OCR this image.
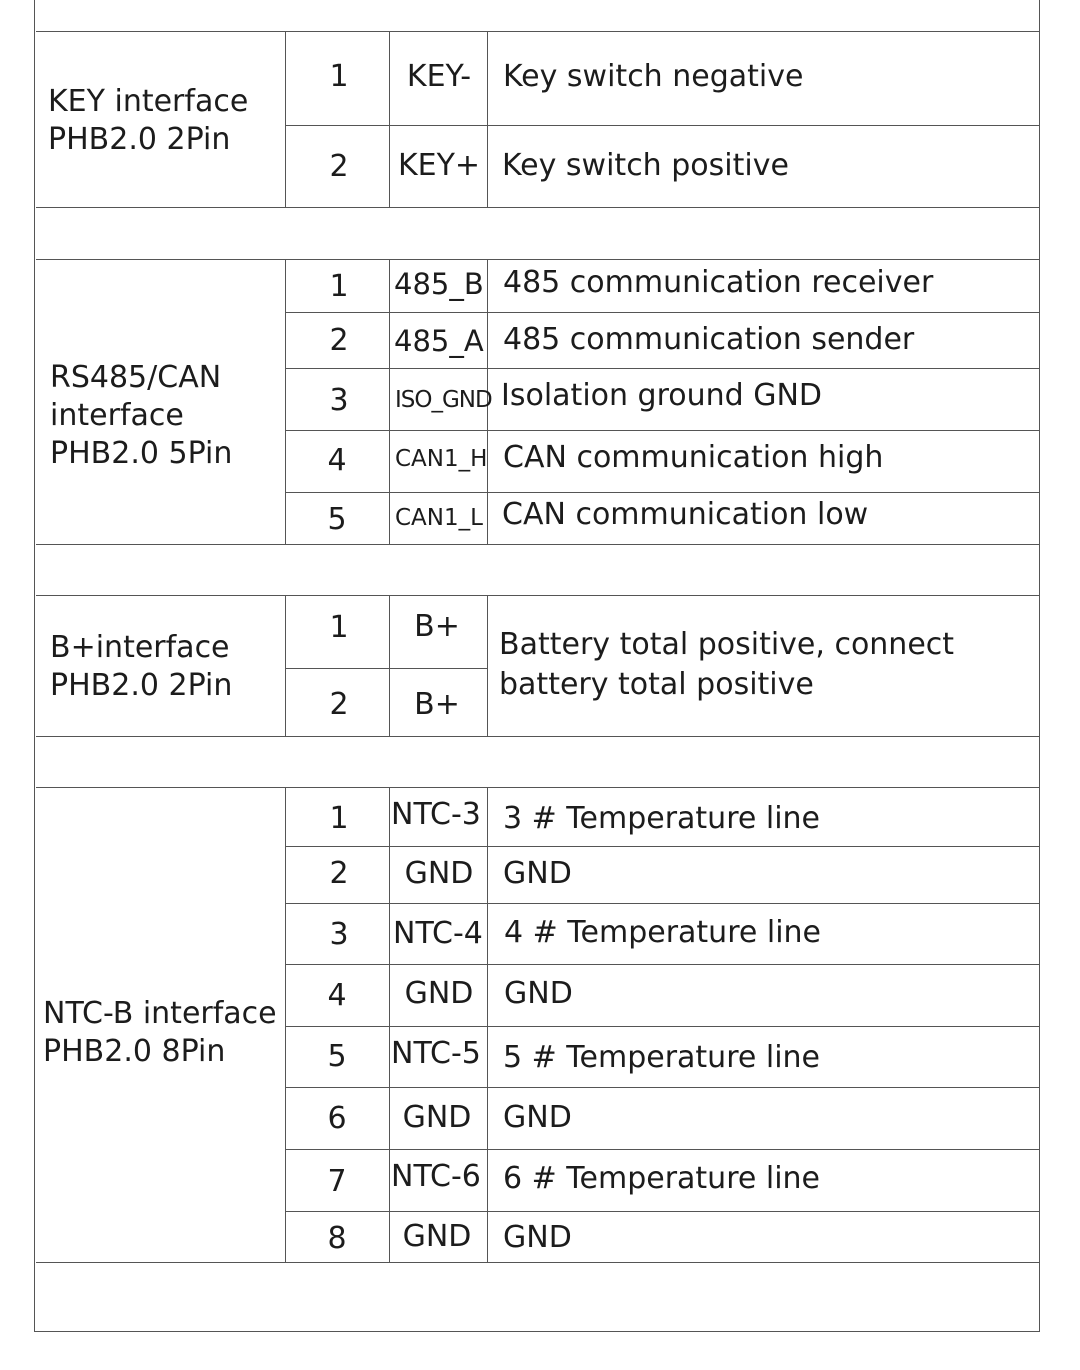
KEY interface
PHB2.0 2Pin
1	KEY-	Key switch negative
2	KEY+ Key switch positive
RS485/CAN
interface
PHB2.0 5Pin
1	485_B 485 communication receiver
2	485_A 485 communication sender
3	ISO_GND Isolation ground GND
4	CAN1_H CAN communication high
5	CAN1_L CAN communication low
B+interface
PHB2.0 2Pin
1	B+
2	B+
Battery total positive, connect
battery total positive
NTC-B interface
PHB2.0 8Pin
1	NTC-3 3 # Temperature line
2	GND GND
3	NTC-4 4 # Temperature line
4	GND	GND
5	NTC-5 5 # Temperature line
6	GND	GND
7	NTC-6 6 # Temperature line
8	GND	GND
